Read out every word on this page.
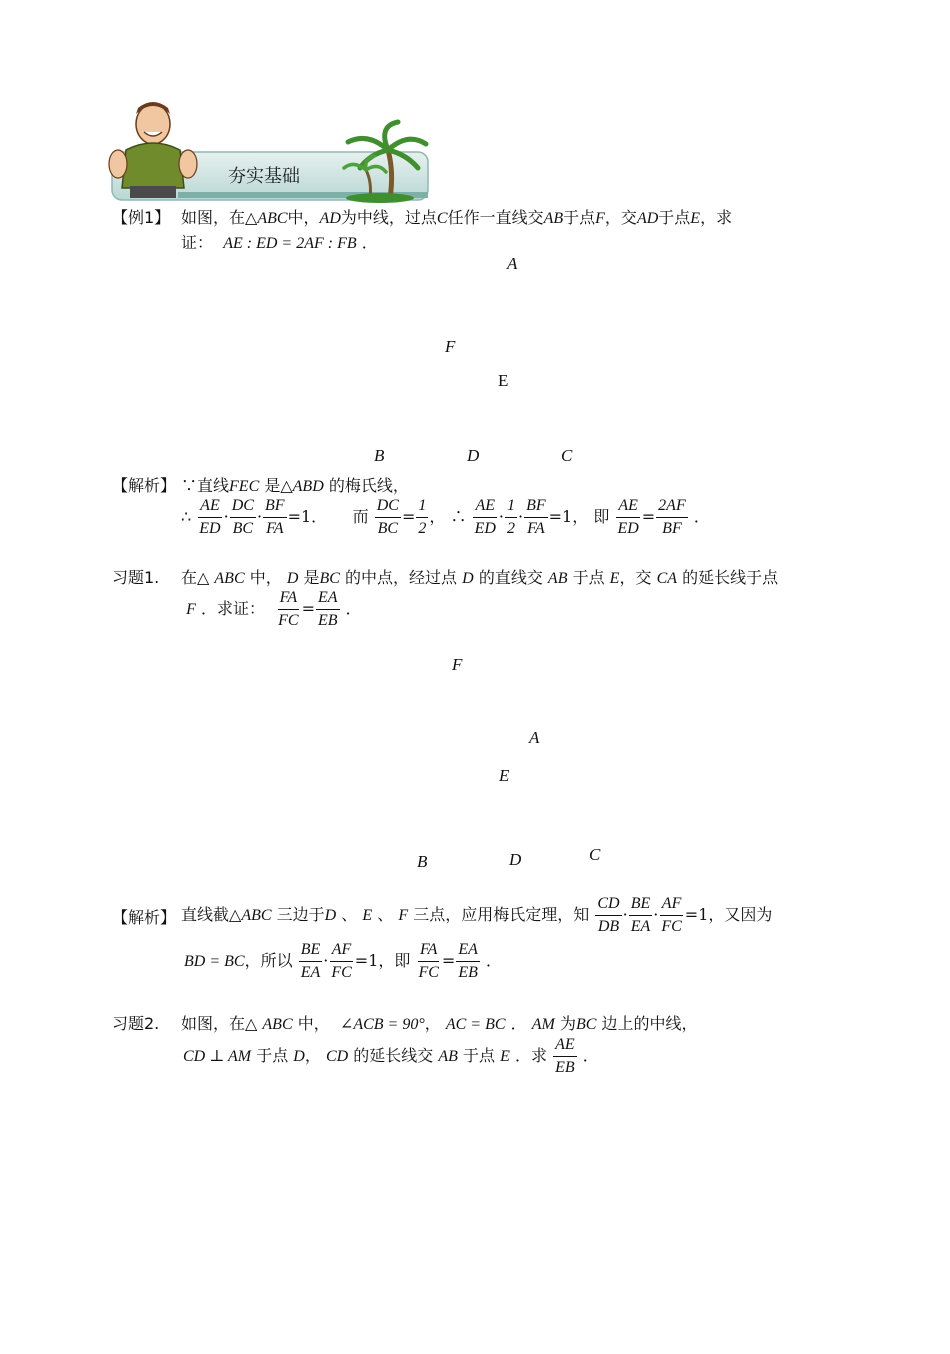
夯实基础
【例1】 如图，在△ABC中，AD为中线，过点C任作一直线交AB于点F，交AD于点E，求
证： AE : ED = 2AF : FB ．
A
F
E
B	D	C
【解析】 ∵直线FEC 是△ABD 的梅氏线，
∴ $\frac{AE}{ED} \cdot \frac{DC}{BC} \cdot \frac{BF}{FA} =1$． 而 $\frac{DC}{BC} = \frac{1}{2}$ ， ∴ $\frac{AE}{ED} \cdot \frac{1}{2} \cdot \frac{BF}{FA} =1$， 即 $\frac{AE}{ED} = \frac{2AF}{BF}$ ．
习题1. 在△ ABC 中， D 是BC 的中点，经过点 D 的直线交 AB 于点 E，交 CA 的延长线于点
F ．求证： $\frac{FA}{FC} = \frac{EA}{EB}$ ．
F
A
E
B	D	C
【解析】 直线截△ABC 三边于D 、 E 、 F 三点，应用梅氏定理，知 $\frac{CD}{DB} \cdot \frac{BE}{EA} \cdot \frac{AF}{FC} =1$，又因为
BD = BC，所以 $\frac{BE}{EA} \cdot \frac{AF}{FC} =1$，即 $\frac{FA}{FC} = \frac{EA}{EB}$ ．
习题2. 如图，在△ ABC 中， ∠ACB = 90°， AC = BC ． AM 为BC 边上的中线，
CD ⊥ AM 于点 D， CD 的延长线交 AB 于点 E ．求 $\frac{AE}{EB}$ ．
